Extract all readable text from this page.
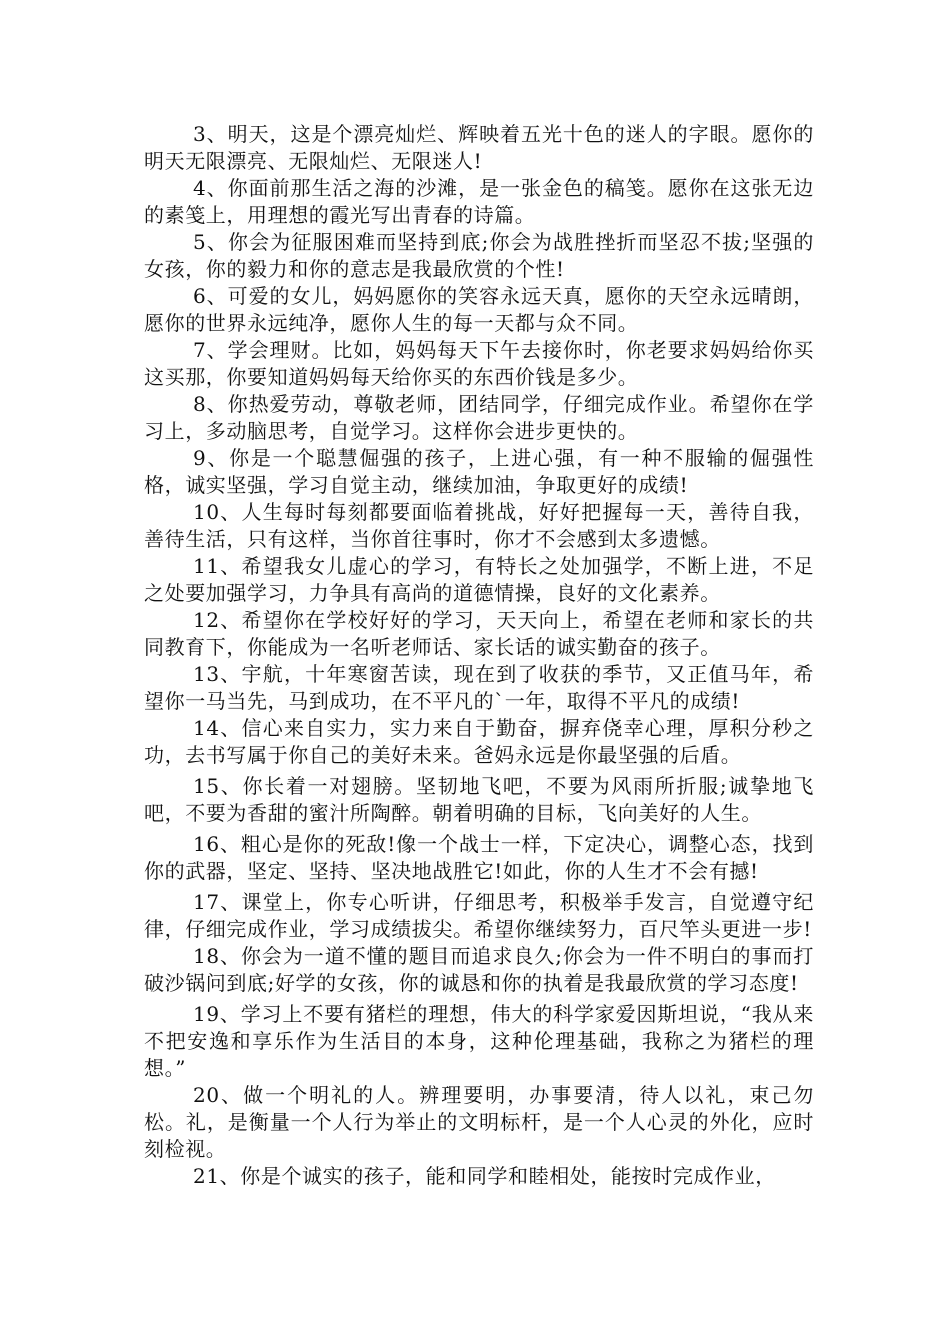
3、明天，这是个漂亮灿烂、辉映着五光十色的迷人的字眼。愿你的明天无限漂亮、无限灿烂、无限迷人!

4、你面前那生活之海的沙滩，是一张金色的稿笺。愿你在这张无边的素笺上，用理想的霞光写出青春的诗篇。

5、你会为征服困难而坚持到底;你会为战胜挫折而坚忍不拔;坚强的女孩，你的毅力和你的意志是我最欣赏的个性!

6、可爱的女儿，妈妈愿你的笑容永远天真，愿你的天空永远晴朗，愿你的世界永远纯净，愿你人生的每一天都与众不同。

7、学会理财。比如，妈妈每天下午去接你时，你老要求妈妈给你买这买那，你要知道妈妈每天给你买的东西价钱是多少。

8、你热爱劳动，尊敬老师，团结同学，仔细完成作业。希望你在学习上，多动脑思考，自觉学习。这样你会进步更快的。

9、你是一个聪慧倔强的孩子，上进心强，有一种不服输的倔强性格，诚实坚强，学习自觉主动，继续加油，争取更好的成绩!

10、人生每时每刻都要面临着挑战，好好把握每一天，善待自我，善待生活，只有这样，当你首往事时，你才不会感到太多遗憾。

11、希望我女儿虚心的学习，有特长之处加强学，不断上进，不足之处要加强学习，力争具有高尚的道德情操，良好的文化素养。

12、希望你在学校好好的学习，天天向上，希望在老师和家长的共同教育下，你能成为一名听老师话、家长话的诚实勤奋的孩子。

13、宇航，十年寒窗苦读，现在到了收获的季节，又正值马年，希望你一马当先，马到成功，在不平凡的`一年，取得不平凡的成绩!

14、信心来自实力，实力来自于勤奋，摒弃侥幸心理，厚积分秒之功，去书写属于你自己的美好未来。爸妈永远是你最坚强的后盾。

15、你长着一对翅膀。坚韧地飞吧，不要为风雨所折服;诚挚地飞吧，不要为香甜的蜜汁所陶醉。朝着明确的目标，飞向美好的人生。

16、粗心是你的死敌!像一个战士一样，下定决心，调整心态，找到你的武器，坚定、坚持、坚决地战胜它!如此，你的人生才不会有撼!

17、课堂上，你专心听讲，仔细思考，积极举手发言，自觉遵守纪律，仔细完成作业，学习成绩拔尖。希望你继续努力，百尺竿头更进一步!

18、你会为一道不懂的题目而追求良久;你会为一件不明白的事而打破沙锅问到底;好学的女孩，你的诚恳和你的执着是我最欣赏的学习态度!

19、学习上不要有猪栏的理想，伟大的科学家爱因斯坦说，“我从来不把安逸和享乐作为生活目的本身，这种伦理基础，我称之为猪栏的理想。”

20、做一个明礼的人。辨理要明，办事要清，待人以礼，束己勿松。礼，是衡量一个人行为举止的文明标杆，是一个人心灵的外化，应时刻检视。

21、你是个诚实的孩子，能和同学和睦相处，能按时完成作业，
